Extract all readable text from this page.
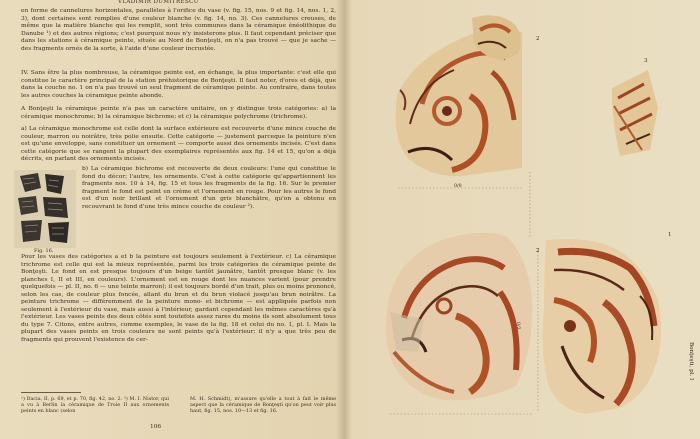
VLADIMIR DUMITRESCU

en forme de cannelures horizontales, parallèles à l'orifice du vase (v. fig. 15, nos. 9 et fig. 14, nos. 1, 2, 3), dont certaines sont remplies d'une couleur blanche (v. fig. 14, no. 3). Ces cannelures creuses, de même que la matière blanche qui les remplit, sont très communes dans la céramique énéolithique du Danube ¹) et des autres régions; c'est pourquoi nous n'y insisterons plus. Il faut cependant préciser que dans les stations à céramique peinte, située au Nord de Bonţeşti, on n'a pas trouvé — que je sache — des fragments ornés de la sorte, à l'aide d'une couleur incrustée.

IV. Sans être la plus nombreuse, la céramique peinte est, en échange, la plus importante: c'est elle qui constitue le caractère principal de la station préhistorique de Bonţeşti. Il faut noter, d'ores et déjà, que dans la couche no. 1 on n'a pas trouvé un seul fragment de céramique peinte. Au contraire, dans toutes les autres couches la céramique peinte abonde.

A Bonţeşti la céramique peinte n'a pas un caractère unitaire, on y distingue trois catégories: a) la céramique monochrome; b) la céramique bichrome; et c) la céramique polychrome (trichrome).

a) La céramique monochrome est celle dont la surface extérieure est recouverte d'une mince couche de couleur, marron ou noirâtre, très polie ensuite. Cette catégorie — justement parceque la peinture n'en est qu'une enveloppe, sans constituer un ornement — comporte aussi des ornements incisés. C'est dans cette catégorie que se rangent la plupart des exemplaires représentés aux fig. 14 et 15, qu'on a déjà décrits, en parlant des ornements incisés.

b) La céramique bichrome est recouverte de deux couleurs: l'une qui constitue le fond du décor; l'autre, les ornements. C'est à cette catégorie qu'appartiennent les fragments nos. 10 à 14, fig. 15 et tous les fragments de la fig. 16. Sur le premier fragment le fond est peint en crème et l'ornement en rouge. Pour les autres le fond est d'un noir brillant et l'ornement d'un gris blanchâtre, qu'on a obtenu en recouvrant le fond d'une très mince couche de couleur ²).

Pour les vases des catégories a et b la peinture est toujours seulement à l'extérieur. c) La céramique trichrome est celle qui est la mieux représentée, parmi les trois catégories de céramique peinte de Bonţeşti. Le fond en est presque toujours d'un beige tantôt jaunâtre, tantôt presque blanc (v. les planches I, II et III, en couleurs). L'ornement est en rouge dont les nuances varient (pour prendre quelquefois — pl. II, no. 6 — une teinte marron); il est toujours bordé d'un trait, plus ou moins prononcé, selon les cas, de couleur plus foncée, allant du brun et du brun violacé jusqu'au brun noirâtre. La peinture trichrome — différemment de la peinture mono- et bichrome — est appliquée parfois non seulement à l'extérieur du vase, mais aussi à l'intérieur, gardant cependant les mêmes caractères qu'à l'extérieur. Les vases peints des deux côtés sont toutefois assez rares du moins ils sont absolument tous du type 7. Citons, entre autres, comme exemples, le vase de la fig. 18 et celui du no. 1, pl. I. Mais la plupart des vases peints en trois couleurs ne sont peints qu'à l'extérieur; il n'y a que très peu de fragments qui prouvent l'existence de cer-

Fig. 16.
¹) Dacia, II, p. 69, et p. 70, fig. 42, no. 2. ²) M. I. Nistor, qui a vu à Berlin la céramique de Troie II aux ornements peints en blanc (selon
M. H. Schmidt), m'assure qu'elle a tout à fait le même aspect que la céramique de Bonţeşti qu'on peut voir plus haut, fig. 15, nos. 10—13 et fig. 16.
106
2
3
1
2
0/0
0/2
Bonţeşti, pl. I
